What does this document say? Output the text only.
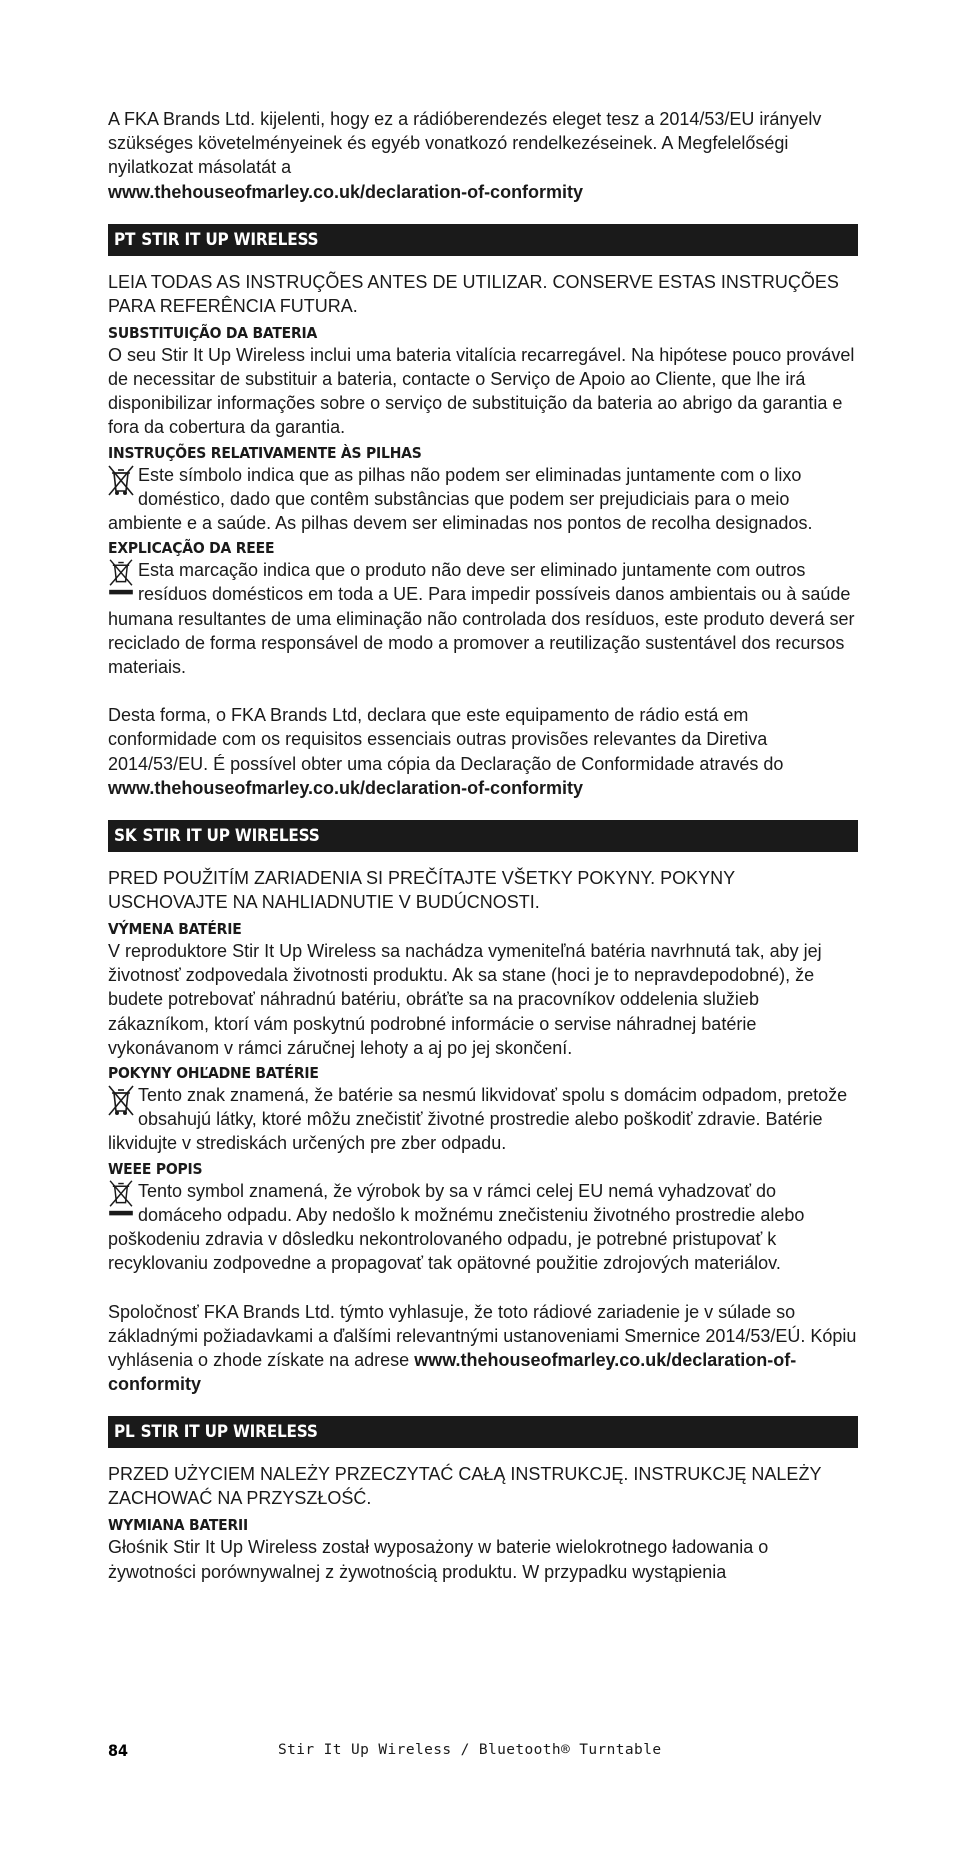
A FKA Brands Ltd. kijelenti, hogy ez a rádióberendezés eleget tesz a 2014/53/EU irányelv szükséges követelményeinek és egyéb vonatkozó rendelkezéseinek. A Megfelelőségi nyilatkozat másolatát a
www.thehouseofmarley.co.uk/declaration-of-conformity

PT STIR IT UP WIRELESS

LEIA TODAS AS INSTRUÇÕES ANTES DE UTILIZAR. CONSERVE ESTAS INSTRUÇÕES PARA REFERÊNCIA FUTURA.

SUBSTITUIÇÃO DA BATERIA

O seu Stir It Up Wireless inclui uma bateria vitalícia recarregável. Na hipótese pouco provável de necessitar de substituir a bateria, contacte o Serviço de Apoio ao Cliente, que lhe irá disponibilizar informações sobre o serviço de substituição da bateria ao abrigo da garantia e fora da cobertura da garantia.

INSTRUÇÕES RELATIVAMENTE ÀS PILHAS

Este símbolo indica que as pilhas não podem ser eliminadas juntamente com o lixo doméstico, dado que contêm substâncias que podem ser prejudiciais para o meio ambiente e a saúde. As pilhas devem ser eliminadas nos pontos de recolha designados.

EXPLICAÇÃO DA REEE

Esta marcação indica que o produto não deve ser eliminado juntamente com outros resíduos domésticos em toda a UE. Para impedir possíveis danos ambientais ou à saúde humana resultantes de uma eliminação não controlada dos resíduos, este produto deverá ser reciclado de forma responsável de modo a promover a reutilização sustentável dos recursos materiais.

Desta forma, o FKA Brands Ltd, declara que este equipamento de rádio está em conformidade com os requisitos essenciais outras provisões relevantes da Diretiva 2014/53/EU. É possível obter uma cópia da Declaração de Conformidade através do www.thehouseofmarley.co.uk/declaration-of-conformity

SK STIR IT UP WIRELESS

PRED POUŽITÍM ZARIADENIA SI PREČÍTAJTE VŠETKY POKYNY. POKYNY USCHOVAJTE NA NAHLIADNUTIE V BUDÚCNOSTI.

VÝMENA BATÉRIE

V reproduktore Stir It Up Wireless sa nachádza vymeniteľná batéria navrhnutá tak, aby jej životnosť zodpovedala životnosti produktu. Ak sa stane (hoci je to nepravdepodobné), že budete potrebovať náhradnú batériu, obráťte sa na pracovníkov oddelenia služieb zákazníkom, ktorí vám poskytnú podrobné informácie o servise náhradnej batérie vykonávanom v rámci záručnej lehoty a aj po jej skončení.

POKYNY OHĽADNE BATÉRIE

Tento znak znamená, že batérie sa nesmú likvidovať spolu s domácim odpadom, pretože obsahujú látky, ktoré môžu znečistiť životné prostredie alebo poškodiť zdravie. Batérie likvidujte v strediskách určených pre zber odpadu.

WEEE POPIS

Tento symbol znamená, že výrobok by sa v rámci celej EU nemá vyhadzovať do domáceho odpadu. Aby nedošlo k možnému znečisteniu životného prostredie alebo poškodeniu zdravia v dôsledku nekontrolovaného odpadu, je potrebné pristupovať k recyklovaniu zodpovedne a propagovať tak opätovné použitie zdrojových materiálov.

Spoločnosť FKA Brands Ltd. týmto vyhlasuje, že toto rádiové zariadenie je v súlade so základnými požiadavkami a ďalšími relevantnými ustanoveniami Smernice 2014/53/EÚ. Kópiu vyhlásenia o zhode získate na adrese www.thehouseofmarley.co.uk/declaration-of-conformity

PL STIR IT UP WIRELESS

PRZED UŻYCIEM NALEŻY PRZECZYTAĆ CAŁĄ INSTRUKCJĘ. INSTRUKCJĘ NALEŻY ZACHOWAĆ NA PRZYSZŁOŚĆ.

WYMIANA BATERII

Głośnik Stir It Up Wireless został wyposażony w baterie wielokrotnego ładowania o żywotności porównywalnej z żywotnością produktu. W przypadku wystąpienia

84	Stir It Up Wireless / Bluetooth® Turntable
